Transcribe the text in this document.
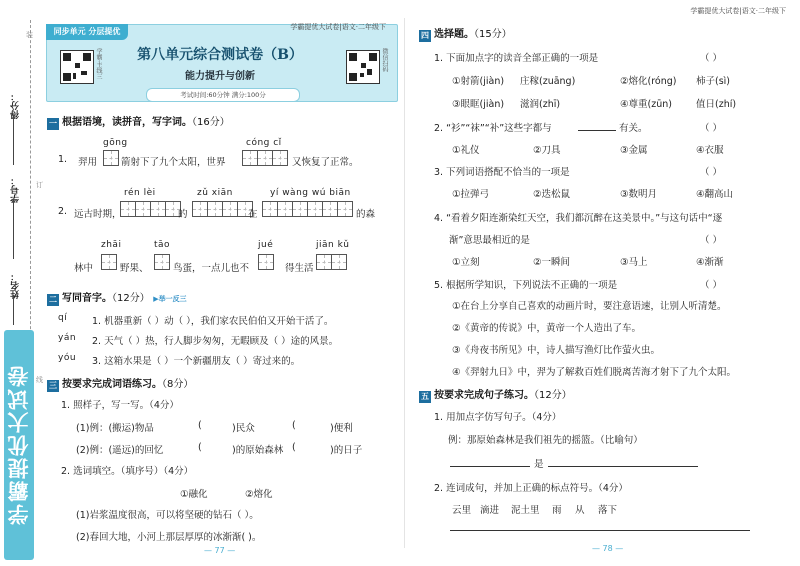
得分：
学号：
姓名：
装
订
线
学霸提优大试卷
同步单元 分层提优	学霸提优大试卷|语文·二年级下
学霸·主线三	微信扫码
第八单元综合测试卷（B）
能力提升与创新
考试时间:60分钟 满分:100分
一 根据语境，读拼音，写字词。（16分）
gōng	cóng cǐ
1. 羿用	箭射下了九个太阳，世界	又恢复了正常。
rén lèi	zǔ xiān	yí wàng wú biān
2. 远古时期，	的	在	的森
zhāi	tāo	jué	jiān kǔ
林中	野果、	鸟蛋，一点儿也不	得生活
二 写同音字。（12分） ▶举一反三
qí	1. 机器重新（ ）动（ ），我们家农民伯伯又开始干活了。
yán 2. 天气（ ）热，行人脚步匆匆，无暇顾及（ ）途的风景。
yóu 3. 这箱水果是（ ）一个新疆朋友（ ）寄过来的。
三 按要求完成词语练习。（8分）
1. 照样子，写一写。（4分）
(1)例：(搬运)物品	(	)民众	(	)便利
(2)例：(遥远)的回忆	(	)的原始森林 (	)的日子
2. 选词填空。（填序号）（4分）
①融化	②熔化
(1)岩浆温度很高，可以将坚硬的钻石（ ）。
(2)春回大地，小河上那层厚厚的冰渐渐( )。
— 77 —
学霸提优大试卷|语文·二年级下
四 选择题。（15分）
1. 下面加点字的读音全部正确的一项是	（ ）
①射箭(jiàn) 庄稼(zuāng)	②熔化(róng) 柿子(sì)
③眼眶(jiàn) 滋润(zhī)	④尊重(zūn)	值日(zhí)
2. “衫”“袜”“补”这些字都与	有关。	（ ）
①礼仪	②刀具	③金属	④衣服
3. 下列词语搭配不恰当的一项是	（ ）
①拉弹弓	②迭松鼠	③数明月	④翻高山
4. “看着夕阳连渐染红天空，我们都沉醉在这美景中。”与这句话中“逐
渐”意思最相近的是	（ ）
①立刻	②一瞬间	③马上	④渐渐
5. 根据所学知识，下列说法不正确的一项是	（ ）
①在台上分享自己喜欢的动画片时，要注意语速，让别人听清楚。
②《黄帝的传说》中，黄帝一个人造出了车。
③《舟夜书所见》中，诗人描写渔灯比作萤火虫。
④《羿射九日》中，羿为了解救百姓们脱离苦海才射下了九个太阳。
五 按要求完成句子练习。（12分）
1. 用加点字仿写句子。（4分）
例：那原始森林是我们祖先的摇篮。（比喻句）
是
2. 连词成句，并加上正确的标点符号。（4分）
云里 滴进 泥土里 雨 从 落下
— 78 —
